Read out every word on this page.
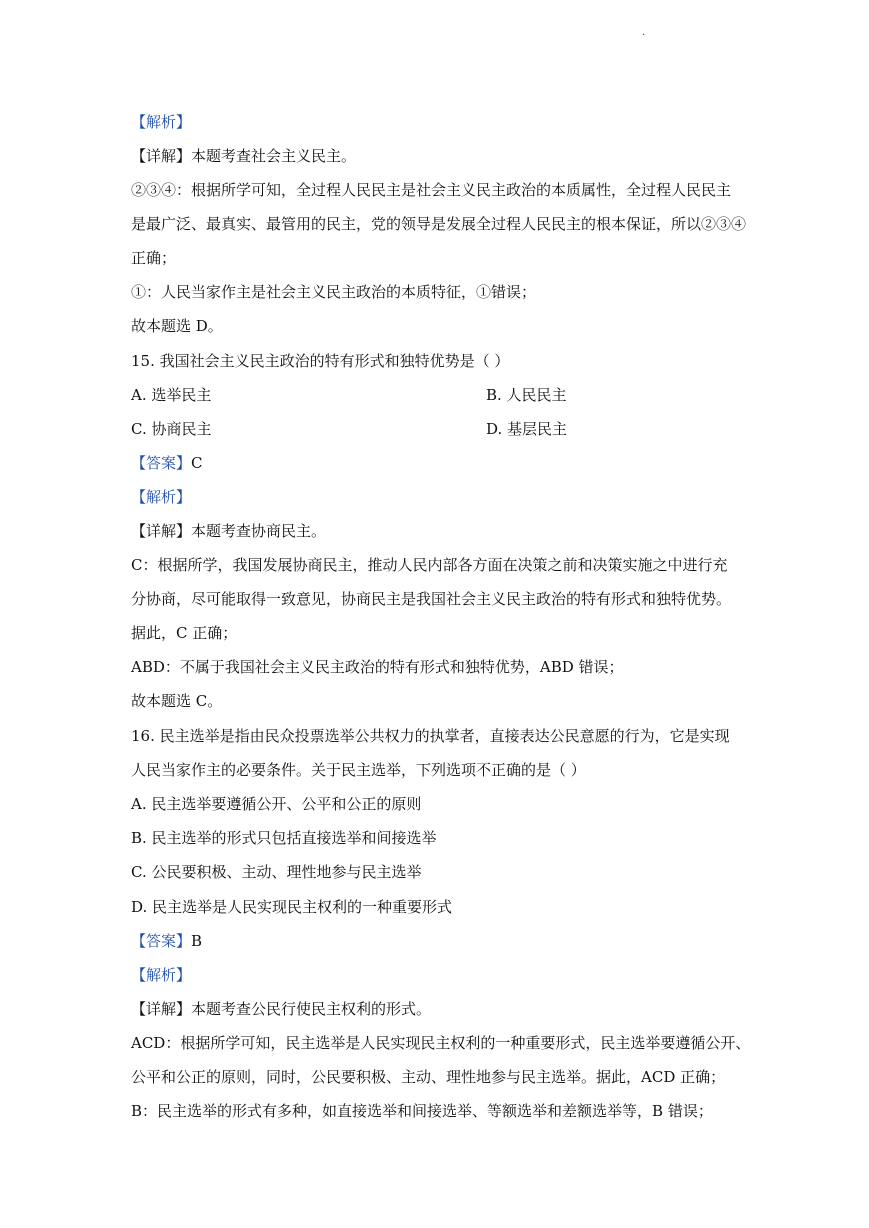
·
【解析】
【详解】本题考查社会主义民主。
②③④：根据所学可知，全过程人民民主是社会主义民主政治的本质属性，全过程人民民主
是最广泛、最真实、最管用的民主，党的领导是发展全过程人民民主的根本保证，所以②③④
正确；
①：人民当家作主是社会主义民主政治的本质特征，①错误；
故本题选 D。
15. 我国社会主义民主政治的特有形式和独特优势是（ ）
A. 选举民主	B. 人民民主
C. 协商民主	D. 基层民主
【答案】C
【解析】
【详解】本题考查协商民主。
C：根据所学，我国发展协商民主，推动人民内部各方面在决策之前和决策实施之中进行充
分协商，尽可能取得一致意见，协商民主是我国社会主义民主政治的特有形式和独特优势。
据此，C 正确；
ABD：不属于我国社会主义民主政治的特有形式和独特优势，ABD 错误；
故本题选 C。
16. 民主选举是指由民众投票选举公共权力的执掌者，直接表达公民意愿的行为，它是实现
人民当家作主的必要条件。关于民主选举，下列选项不正确的是（ ）
A. 民主选举要遵循公开、公平和公正的原则
B. 民主选举的形式只包括直接选举和间接选举
C. 公民要积极、主动、理性地参与民主选举
D. 民主选举是人民实现民主权利的一种重要形式
【答案】B
【解析】
【详解】本题考查公民行使民主权利的形式。
ACD：根据所学可知，民主选举是人民实现民主权利的一种重要形式，民主选举要遵循公开、
公平和公正的原则，同时，公民要积极、主动、理性地参与民主选举。据此，ACD 正确；
B：民主选举的形式有多种，如直接选举和间接选举、等额选举和差额选举等，B 错误；
